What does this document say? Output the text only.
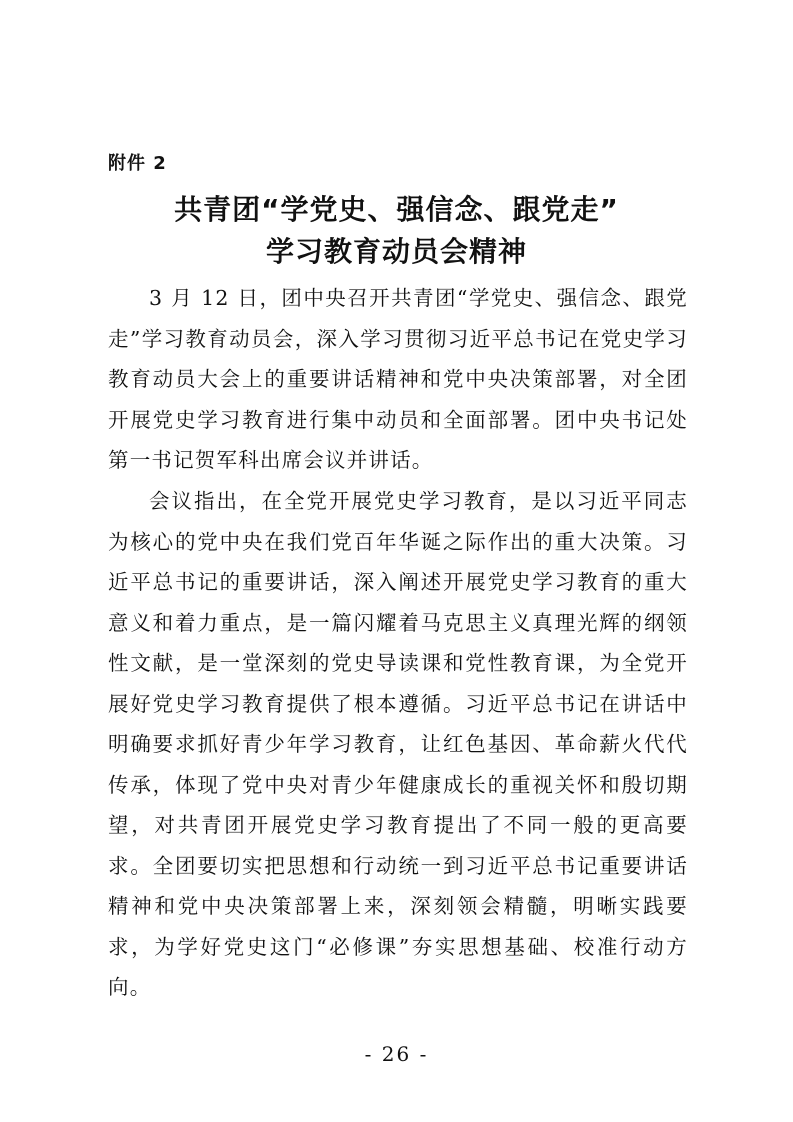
附件 2
共青团“学党史、强信念、跟党走”
学习教育动员会精神

3 月 12 日，团中央召开共青团“学党史、强信念、跟党走”学习教育动员会，深入学习贯彻习近平总书记在党史学习教育动员大会上的重要讲话精神和党中央决策部署，对全团开展党史学习教育进行集中动员和全面部署。团中央书记处第一书记贺军科出席会议并讲话。

会议指出，在全党开展党史学习教育，是以习近平同志为核心的党中央在我们党百年华诞之际作出的重大决策。习近平总书记的重要讲话，深入阐述开展党史学习教育的重大意义和着力重点，是一篇闪耀着马克思主义真理光辉的纲领性文献，是一堂深刻的党史导读课和党性教育课，为全党开展好党史学习教育提供了根本遵循。习近平总书记在讲话中明确要求抓好青少年学习教育，让红色基因、革命薪火代代传承，体现了党中央对青少年健康成长的重视关怀和殷切期望，对共青团开展党史学习教育提出了不同一般的更高要求。全团要切实把思想和行动统一到习近平总书记重要讲话精神和党中央决策部署上来，深刻领会精髓，明晰实践要求，为学好党史这门“必修课”夯实思想基础、校准行动方向。

- 26 -
